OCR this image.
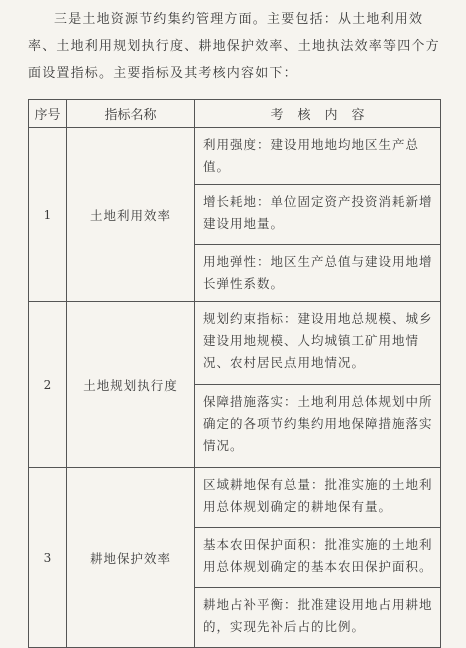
三是土地资源节约集约管理方面。主要包括：从土地利用效率、土地利用规划执行度、耕地保护效率、土地执法效率等四个方面设置指标。主要指标及其考核内容如下：

序号	指标名称	考核内容
1	土地利用效率	利用强度：建设用地地均地区生产总值。
		增长耗地：单位固定资产投资消耗新增建设用地量。
		用地弹性：地区生产总值与建设用地增长弹性系数。
2	土地规划执行度	规划约束指标：建设用地总规模、城乡建设用地规模、人均城镇工矿用地情况、农村居民点用地情况。
		保障措施落实：土地利用总体规划中所确定的各项节约集约用地保障措施落实情况。
3	耕地保护效率	区域耕地保有总量：批准实施的土地利用总体规划确定的耕地保有量。
		基本农田保护面积：批准实施的土地利用总体规划确定的基本农田保护面积。
		耕地占补平衡：批准建设用地占用耕地的，实现先补后占的比例。
